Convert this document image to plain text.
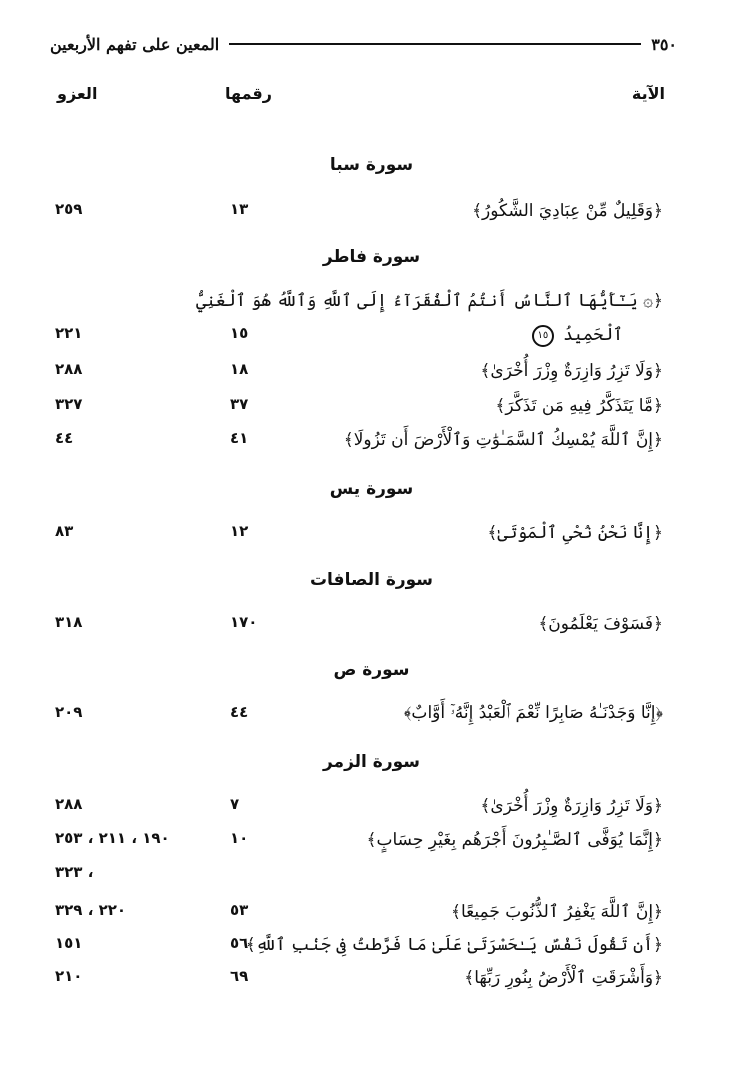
٣٥٠
المعين على تفهم الأربعين
الآية
رقمها
العزو
سورة سبا
﴿وَقَلِيلٌ مِّنْ عِبَادِيَ الشَّكُورُ﴾
١٣
٢٥٩
سورة فاطر
﴿۞ يَـٰٓأَيُّهَا ٱلنَّاسُ أَنتُمُ ٱلْفُقَرَآءُ إِلَى ٱللَّهِ وَٱللَّهُ هُوَ ٱلْغَنِيُّ
ٱلْحَمِيدُ ١٥
١٥
٢٢١
﴿وَلَا تَزِرُ وَازِرَةٌ وِزْرَ أُخْرَىٰ﴾
١٨
٢٨٨
﴿مَّا يَتَذَكَّرُ فِيهِ مَن تَذَكَّرَ﴾
٣٧
٣٢٧
﴿إِنَّ ٱللَّهَ يُمْسِكُ ٱلسَّمَـٰوَٰتِ وَٱلْأَرْضَ أَن تَزُولَا﴾
٤١
٤٤
سورة يس
﴿إِنَّا نَحْنُ نُحْىِ ٱلْمَوْتَىٰ﴾
١٢
٨٣
سورة الصافات
﴿فَسَوْفَ يَعْلَمُونَ﴾
١٧٠
٣١٨
سورة ص
﴿إِنَّا وَجَدْنَـٰهُ صَابِرًا نِّعْمَ ٱلْعَبْدُ إِنَّهُۥٓ أَوَّابٌ﴾
٤٤
٢٠٩
سورة الزمر
﴿وَلَا تَزِرُ وَازِرَةٌ وِزْرَ أُخْرَىٰ﴾
٧
٢٨٨
﴿إِنَّمَا يُوَفَّى ٱلصَّـٰبِرُونَ أَجْرَهُم بِغَيْرِ حِسَابٍ﴾
١٠
١٩٠ ، ٢١١ ، ٢٥٣
، ٣٢٣
﴿إِنَّ ٱللَّهَ يَغْفِرُ ٱلذُّنُوبَ جَمِيعًا﴾
٥٣
٢٢٠ ، ٣٢٩
﴿أَن تَقُولَ نَفْسٌ يَـٰحَسْرَتَىٰ عَلَىٰ مَا فَرَّطتُ فِى جَنۢبِ ٱللَّهِ﴾
٥٦
١٥١
﴿وَأَشْرَقَتِ ٱلْأَرْضُ بِنُورِ رَبِّهَا﴾
٦٩
٢١٠
